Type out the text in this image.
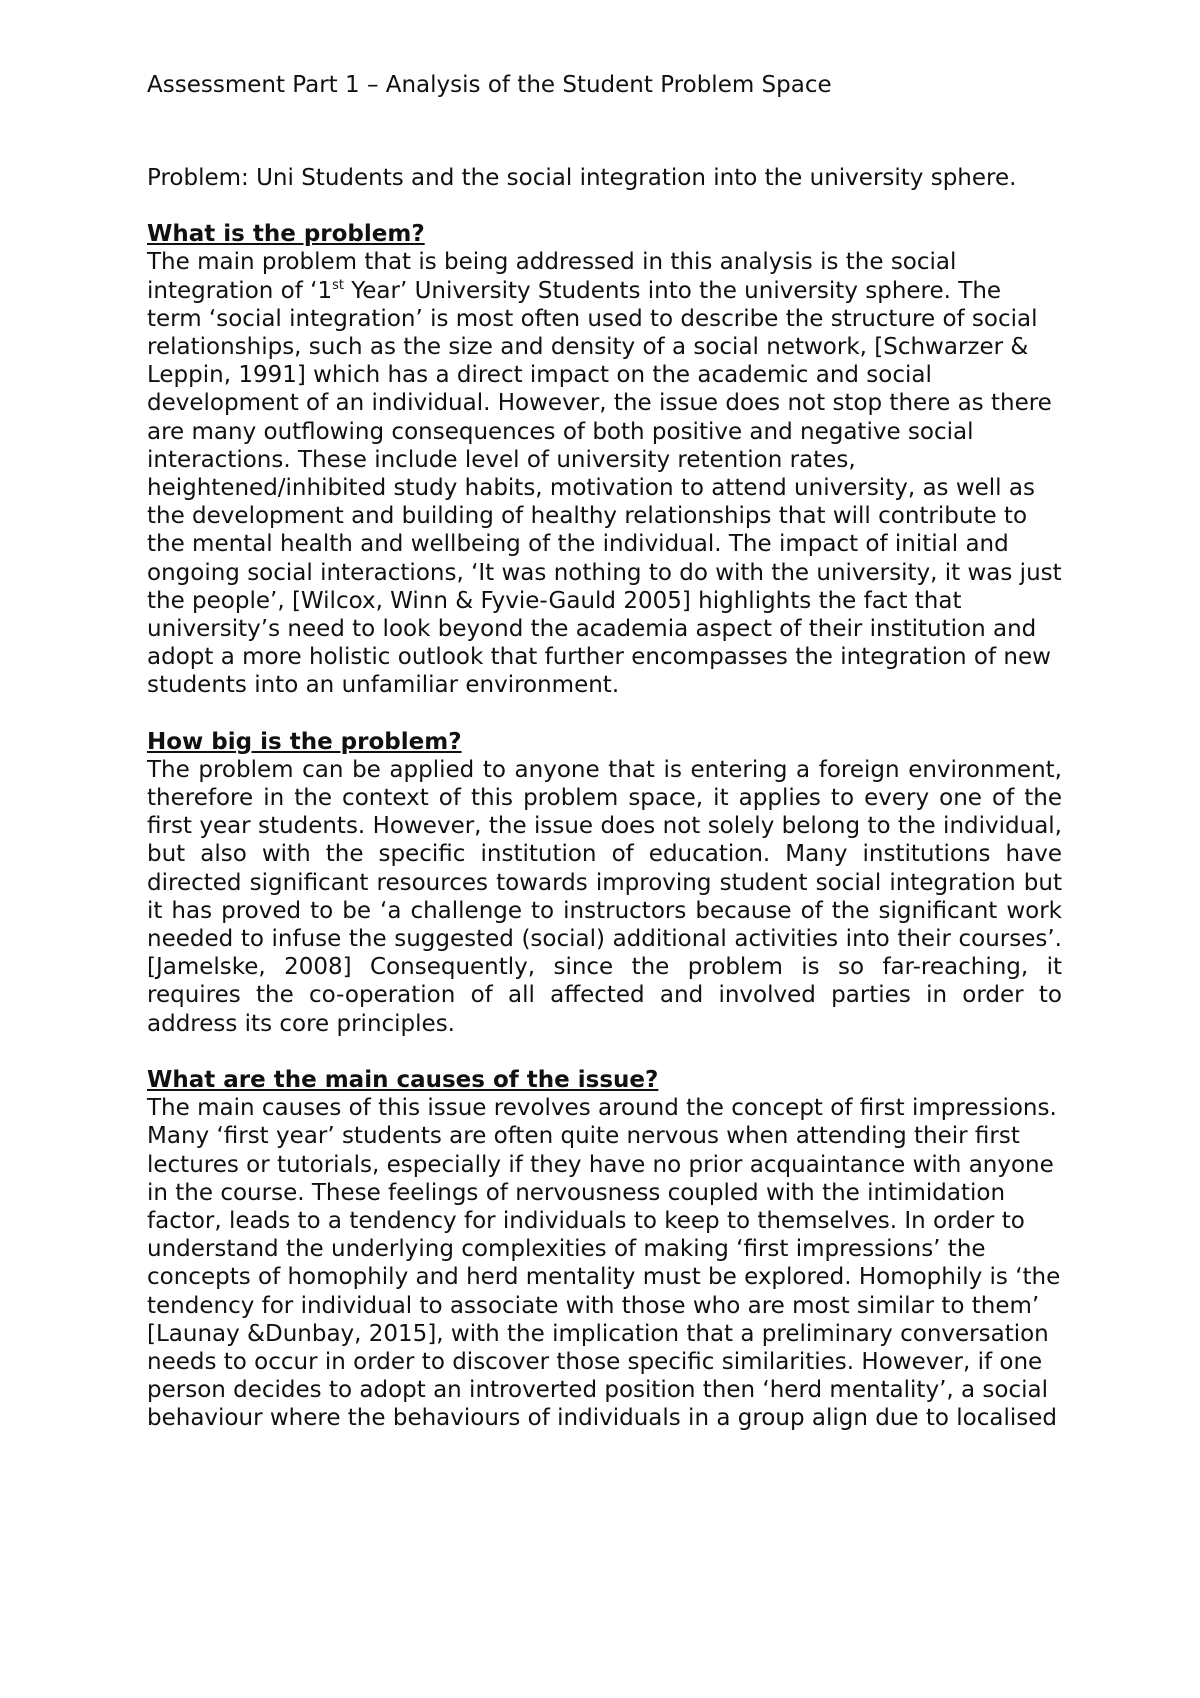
Assessment Part 1 – Analysis of the Student Problem Space

Problem: Uni Students and the social integration into the university sphere.

What is the problem?

The main problem that is being addressed in this analysis is the social integration of ‘1st Year’ University Students into the university sphere. The term ‘social integration’ is most often used to describe the structure of social relationships, such as the size and density of a social network, [Schwarzer & Leppin, 1991] which has a direct impact on the academic and social development of an individual. However, the issue does not stop there as there are many outflowing consequences of both positive and negative social interactions. These include level of university retention rates, heightened/inhibited study habits, motivation to attend university, as well as the development and building of healthy relationships that will contribute to the mental health and wellbeing of the individual. The impact of initial and ongoing social interactions, ‘It was nothing to do with the university, it was just the people’, [Wilcox, Winn & Fyvie-Gauld 2005] highlights the fact that university’s need to look beyond the academia aspect of their institution and adopt a more holistic outlook that further encompasses the integration of new students into an unfamiliar environment.

How big is the problem?

The problem can be applied to anyone that is entering a foreign environment, therefore in the context of this problem space, it applies to every one of the first year students. However, the issue does not solely belong to the individual, but also with the specific institution of education. Many institutions have directed significant resources towards improving student social integration but it has proved to be ‘a challenge to instructors because of the significant work needed to infuse the suggested (social) additional activities into their courses’.[Jamelske, 2008] Consequently, since the problem is so far-reaching, it requires the co-operation of all affected and involved parties in order to address its core principles.

What are the main causes of the issue?

The main causes of this issue revolves around the concept of first impressions. Many ‘first year’ students are often quite nervous when attending their first lectures or tutorials, especially if they have no prior acquaintance with anyone in the course. These feelings of nervousness coupled with the intimidation factor, leads to a tendency for individuals to keep to themselves. In order to understand the underlying complexities of making ‘first impressions’ the concepts of homophily and herd mentality must be explored. Homophily is ‘the tendency for individual to associate with those who are most similar to them’ [Launay &Dunbay, 2015], with the implication that a preliminary conversation needs to occur in order to discover those specific similarities. However, if one person decides to adopt an introverted position then ‘herd mentality’, a social behaviour where the behaviours of individuals in a group align due to localised
